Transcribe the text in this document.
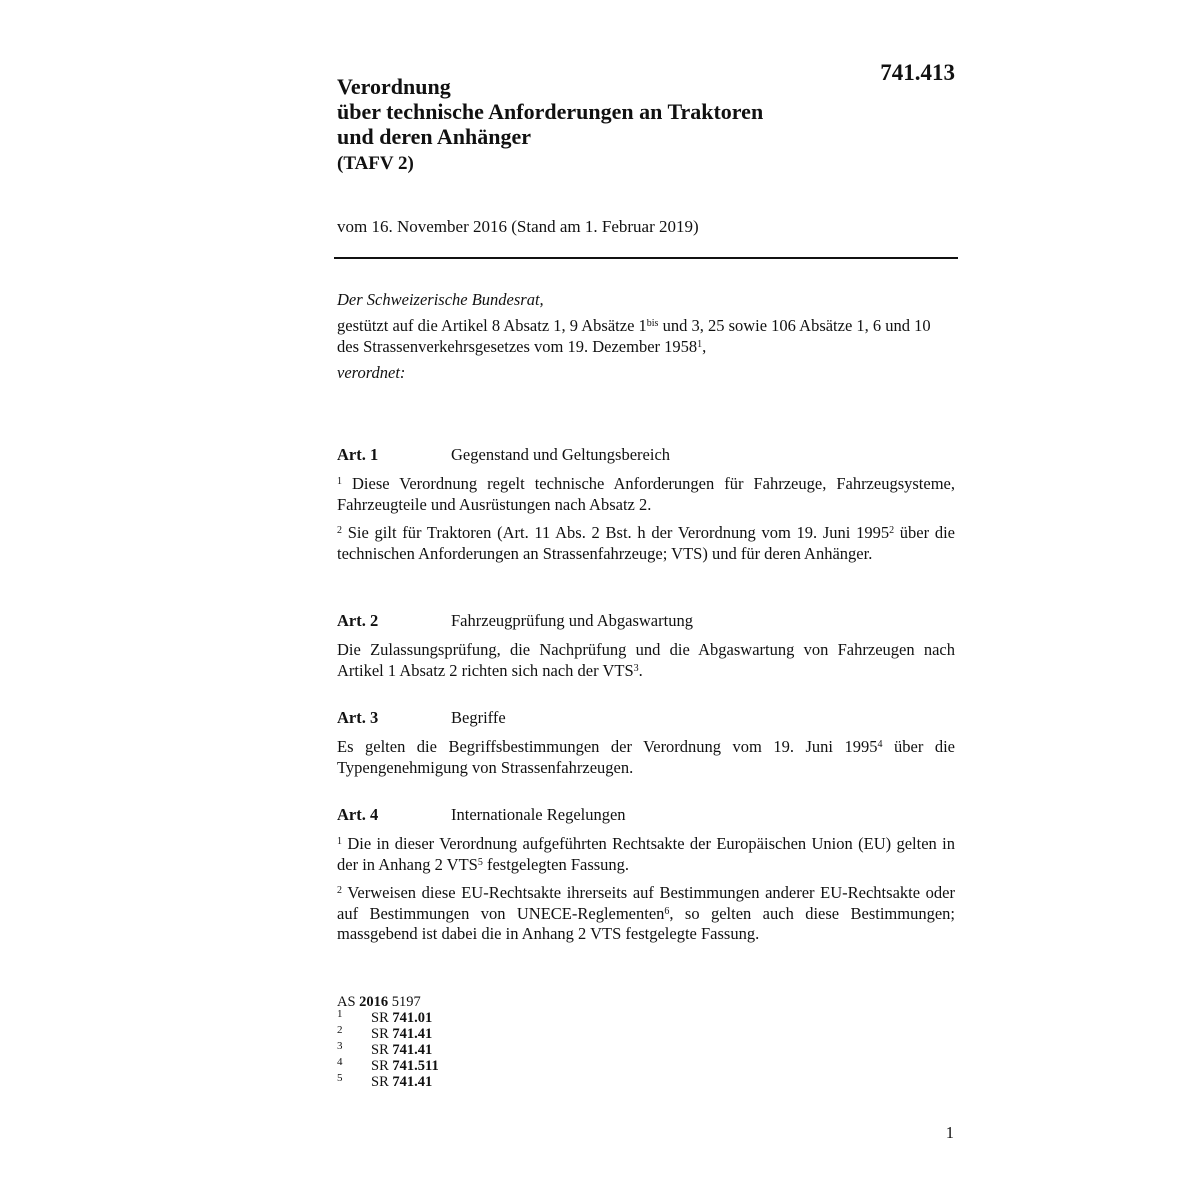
741.413
Verordnung
über technische Anforderungen an Traktoren
und deren Anhänger
(TAFV 2)
vom 16. November 2016 (Stand am 1. Februar 2019)

Der Schweizerische Bundesrat,

gestützt auf die Artikel 8 Absatz 1, 9 Absätze $1^{bis}$ und 3, 25 sowie 106 Absätze 1, 6 und 10 des Strassenverkehrsgesetzes vom 19. Dezember 1958$^1$,

verordnet:

Art. 1	Gegenstand und Geltungsbereich

$^1$ Diese Verordnung regelt technische Anforderungen für Fahrzeuge, Fahrzeugsysteme, Fahrzeugteile und Ausrüstungen nach Absatz 2.

$^2$ Sie gilt für Traktoren (Art. 11 Abs. 2 Bst. h der Verordnung vom 19. Juni 1995$^2$ über die technischen Anforderungen an Strassenfahrzeuge; VTS) und für deren Anhänger.

Art. 2	Fahrzeugprüfung und Abgaswartung

Die Zulassungsprüfung, die Nachprüfung und die Abgaswartung von Fahrzeugen nach Artikel 1 Absatz 2 richten sich nach der VTS$^3$.

Art. 3	Begriffe

Es gelten die Begriffsbestimmungen der Verordnung vom 19. Juni 1995$^4$ über die Typengenehmigung von Strassenfahrzeugen.

Art. 4	Internationale Regelungen

$^1$ Die in dieser Verordnung aufgeführten Rechtsakte der Europäischen Union (EU) gelten in der in Anhang 2 VTS$^5$ festgelegten Fassung.

$^2$ Verweisen diese EU-Rechtsakte ihrerseits auf Bestimmungen anderer EU-Rechtsakte oder auf Bestimmungen von UNECE-Reglementen$^6$, so gelten auch diese Bestimmungen; massgebend ist dabei die in Anhang 2 VTS festgelegte Fassung.

AS 2016 5197
1 SR 741.01
2 SR 741.41
3 SR 741.41
4 SR 741.511
5 SR 741.41
1
